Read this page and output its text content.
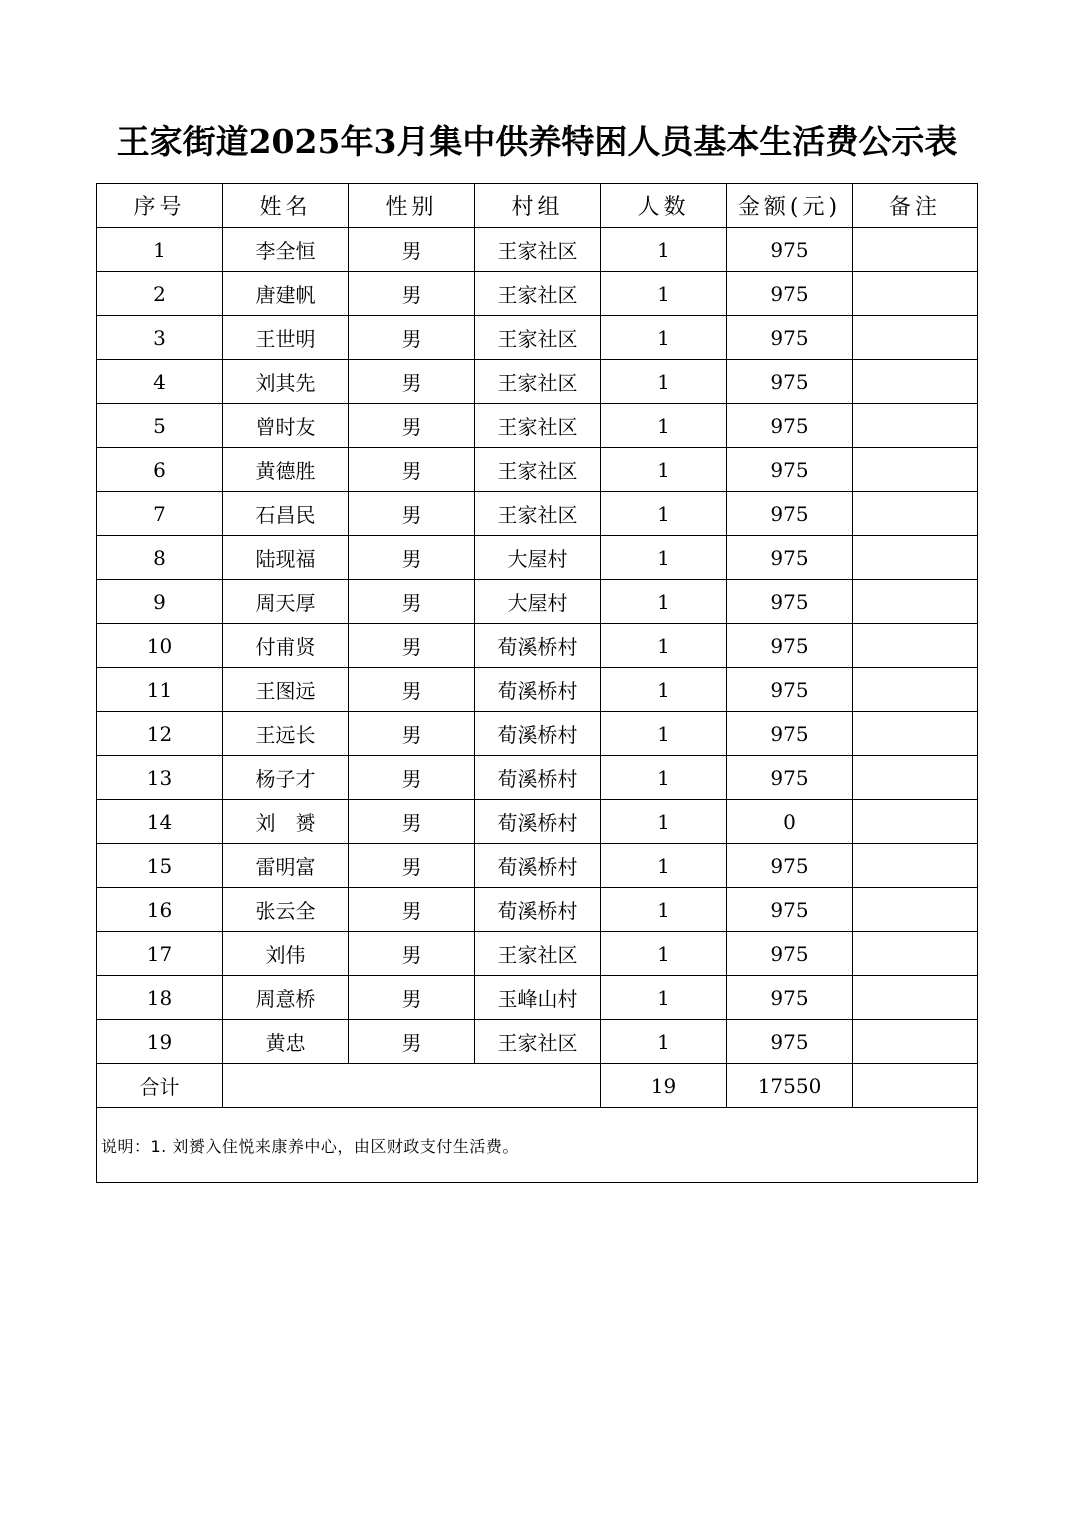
王家街道2025年3月集中供养特困人员基本生活费公示表
序号	姓名	性别	村组	人数	金额(元)	备注
1	李全恒	男	王家社区	1	975	
2	唐建帆	男	王家社区	1	975	
3	王世明	男	王家社区	1	975	
4	刘其先	男	王家社区	1	975	
5	曾时友	男	王家社区	1	975	
6	黄德胜	男	王家社区	1	975	
7	石昌民	男	王家社区	1	975	
8	陆现福	男	大屋村	1	975	
9	周天厚	男	大屋村	1	975	
10	付甫贤	男	荀溪桥村	1	975	
11	王图远	男	荀溪桥村	1	975	
12	王远长	男	荀溪桥村	1	975	
13	杨子才	男	荀溪桥村	1	975	
14	刘　赟	男	荀溪桥村	1	0	
15	雷明富	男	荀溪桥村	1	975	
16	张云全	男	荀溪桥村	1	975	
17	刘伟	男	王家社区	1	975	
18	周意桥	男	玉峰山村	1	975	
19	黄忠	男	王家社区	1	975	
合计				19	17550	
说明：1. 刘赟入住悦来康养中心，由区财政支付生活费。						
